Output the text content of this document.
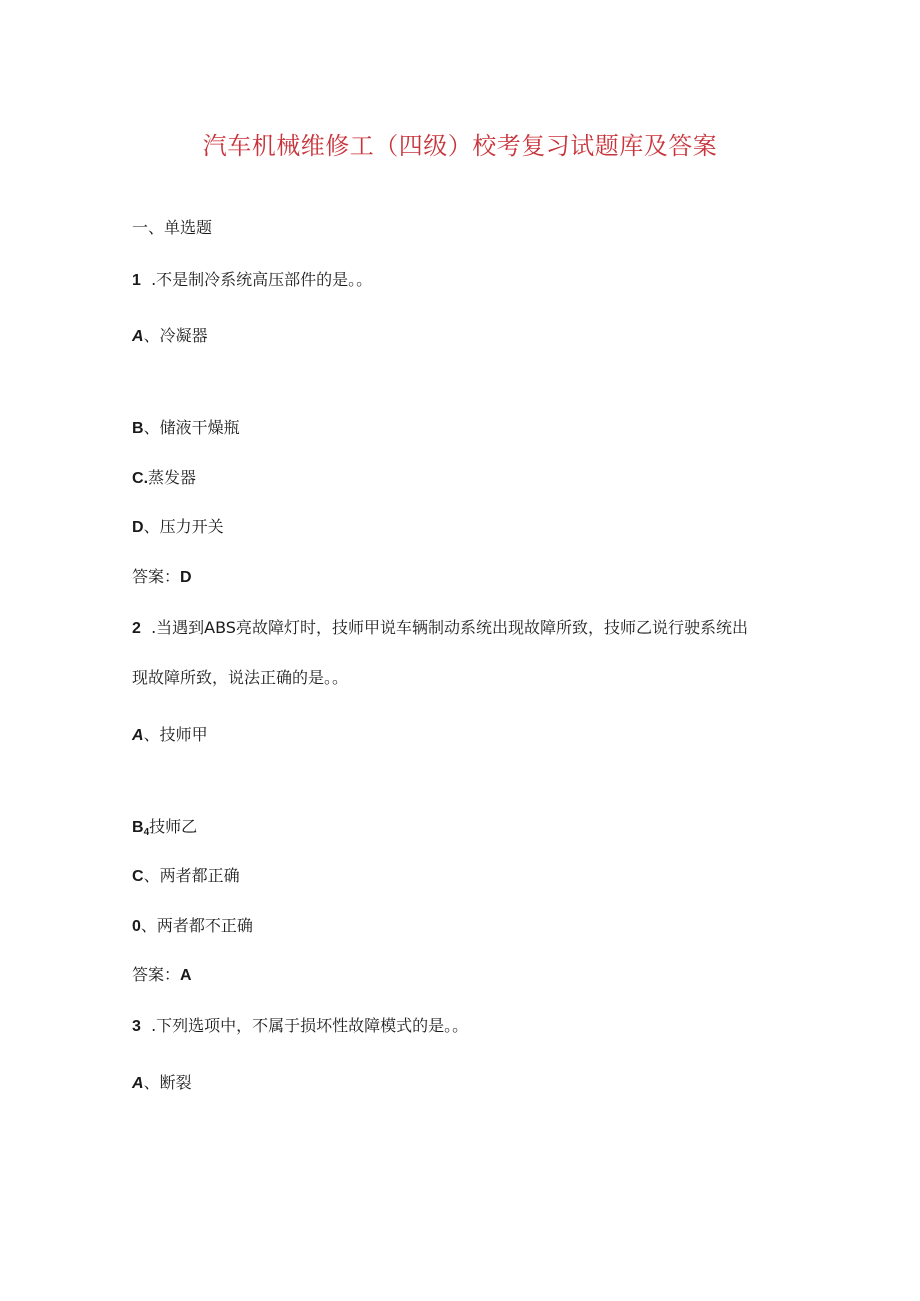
汽车机械维修工（四级）校考复习试题库及答案
一、单选题
1 .不是制冷系统高压部件的是。。
A、冷凝器
B、储液干燥瓶
C.蒸发器
D、压力开关
答案：D
2 .当遇到ABS亮故障灯时，技师甲说车辆制动系统出现故障所致，技师乙说行驶系统出
现故障所致，说法正确的是。。
A、技师甲
B4技师乙
C、两者都正确
0、两者都不正确
答案：A
3 .下列选项中，不属于损坏性故障模式的是。。
A、断裂
